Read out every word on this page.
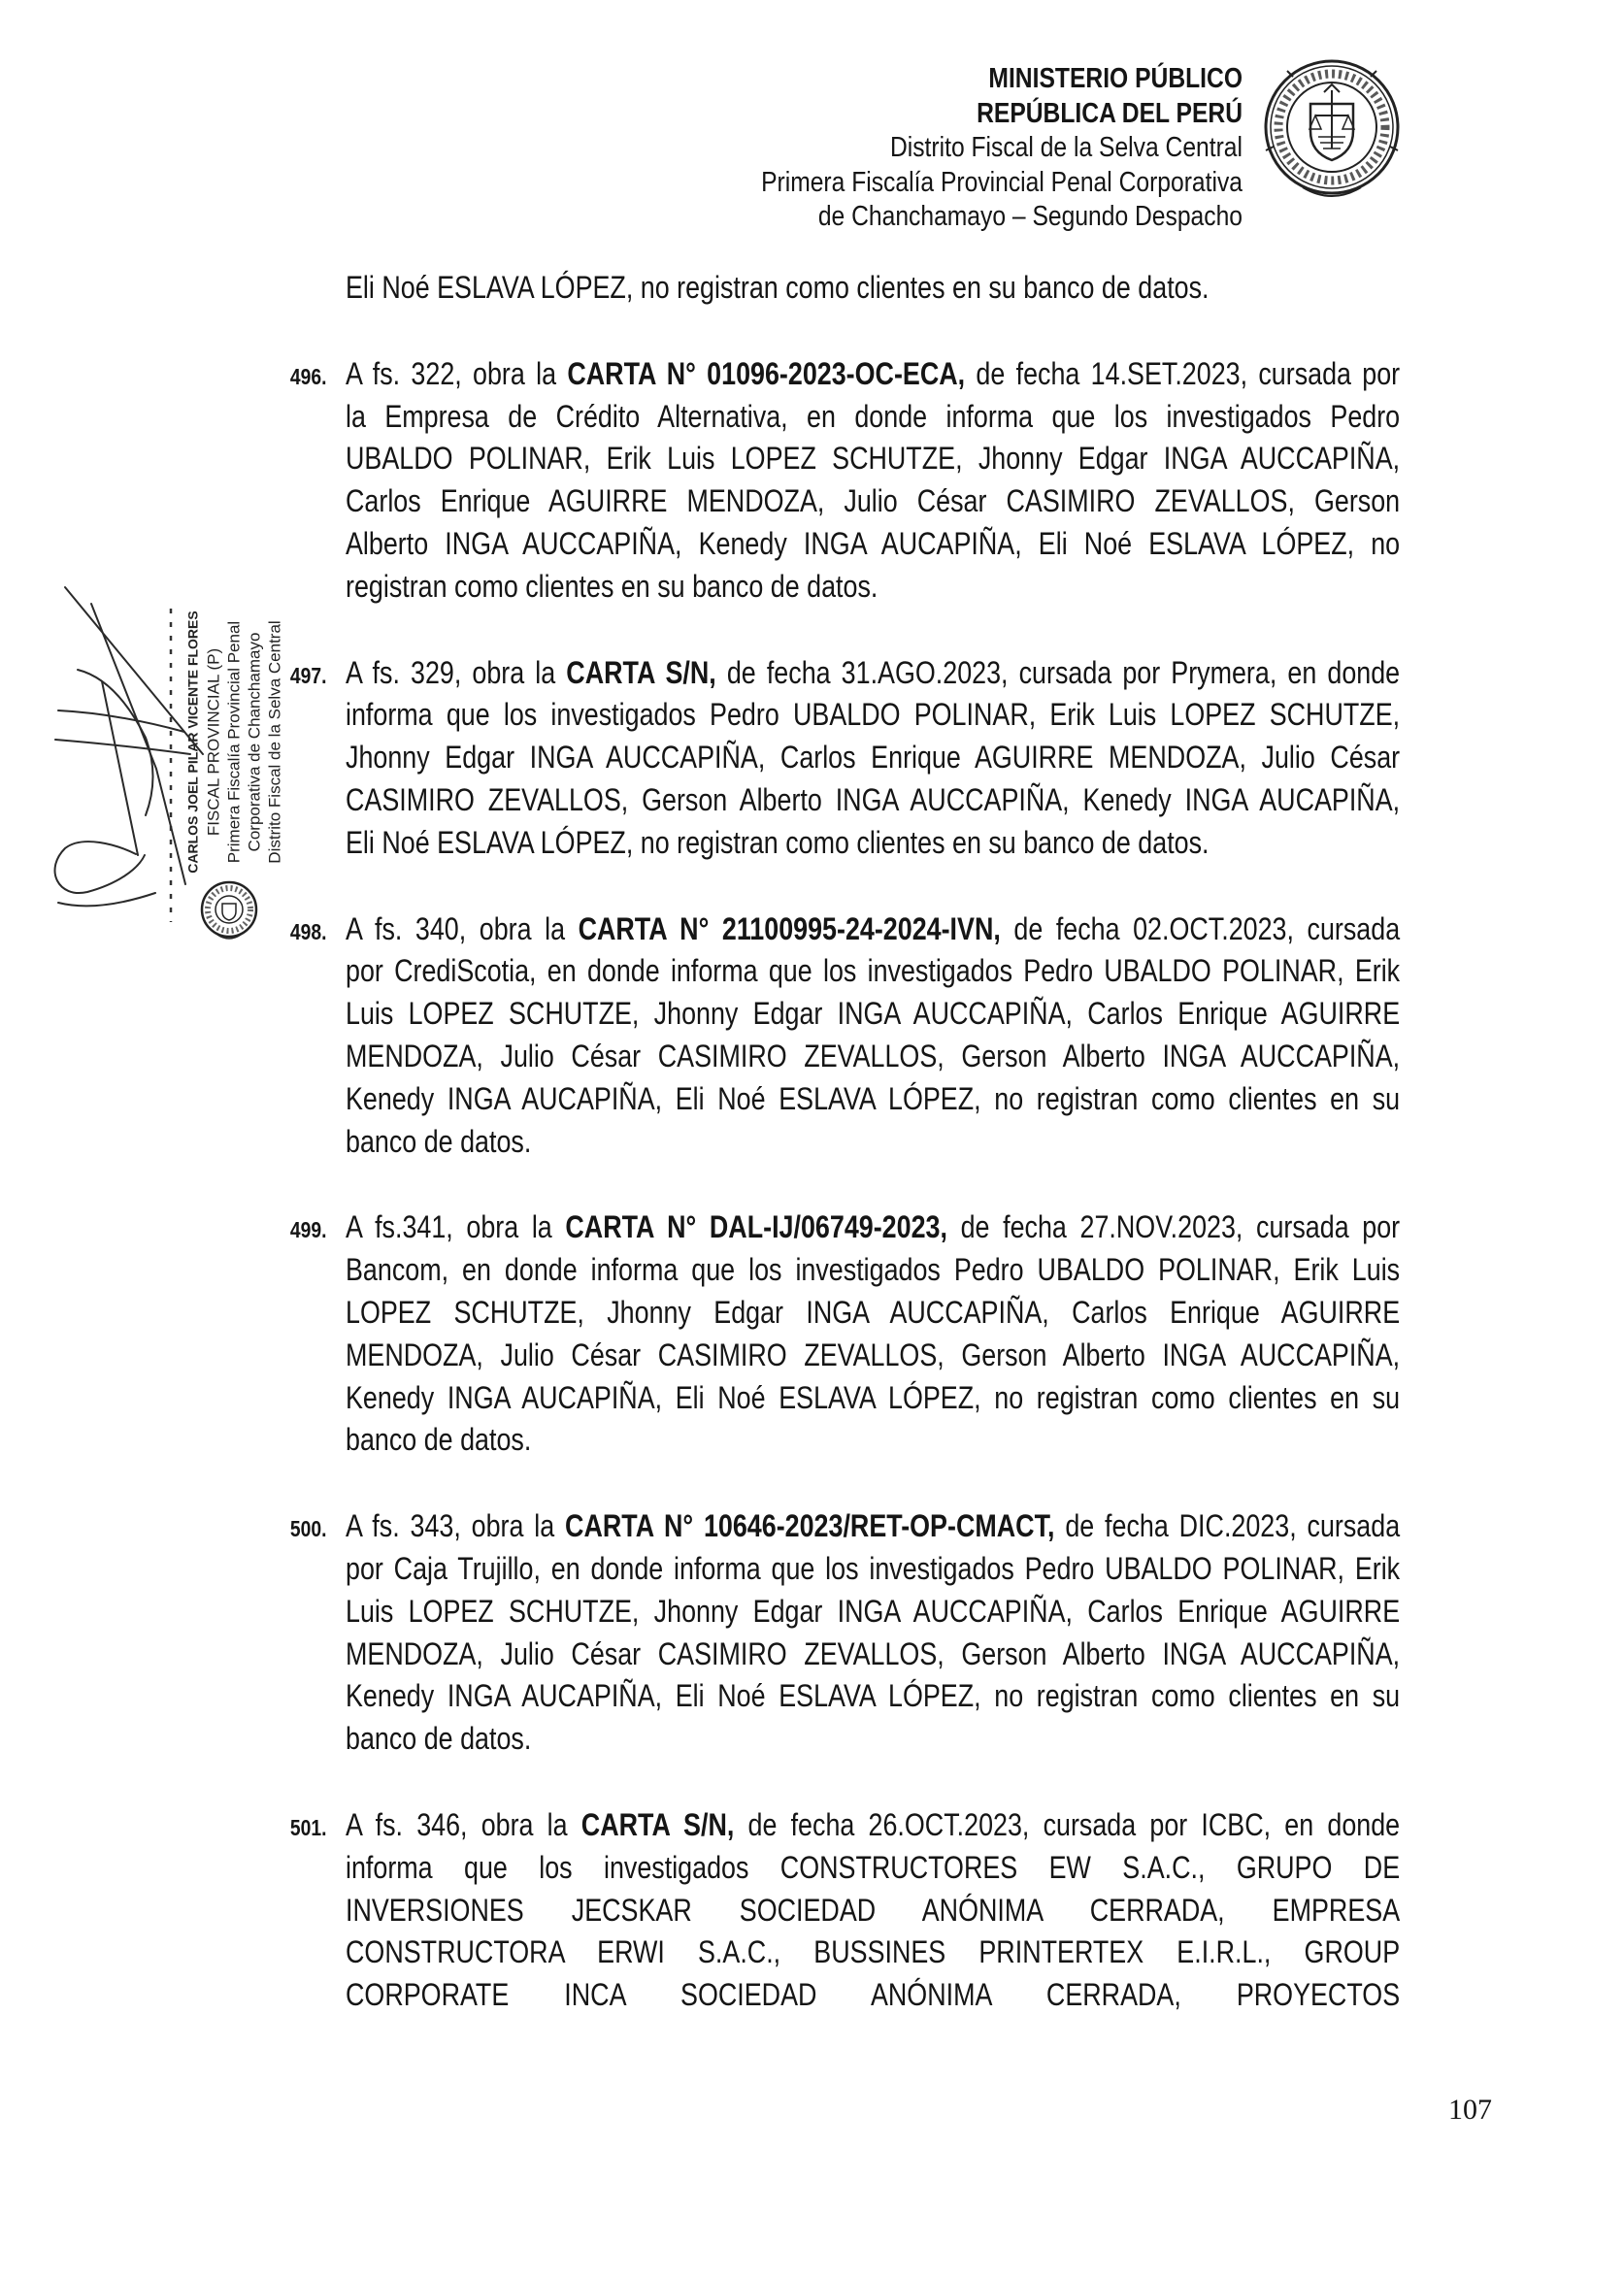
MINISTERIO PÚBLICO
REPÚBLICA DEL PERÚ
Distrito Fiscal de la Selva Central
Primera Fiscalía Provincial Penal Corporativa
de Chanchamayo – Segundo Despacho
Eli Noé ESLAVA LÓPEZ, no registran como clientes en su banco de datos.
496. A fs. 322, obra la CARTA N° 01096-2023-OC-ECA, de fecha 14.SET.2023, cursada por
la Empresa de Crédito Alternativa, en donde informa que los investigados Pedro
UBALDO POLINAR, Erik Luis LOPEZ SCHUTZE, Jhonny Edgar INGA AUCCAPIÑA,
Carlos Enrique AGUIRRE MENDOZA, Julio César CASIMIRO ZEVALLOS, Gerson
Alberto INGA AUCCAPIÑA, Kenedy INGA AUCAPIÑA, Eli Noé ESLAVA LÓPEZ, no
registran como clientes en su banco de datos.
497. A fs. 329, obra la CARTA S/N, de fecha 31.AGO.2023, cursada por Prymera, en donde
informa que los investigados Pedro UBALDO POLINAR, Erik Luis LOPEZ SCHUTZE,
Jhonny Edgar INGA AUCCAPIÑA, Carlos Enrique AGUIRRE MENDOZA, Julio César
CASIMIRO ZEVALLOS, Gerson Alberto INGA AUCCAPIÑA, Kenedy INGA AUCAPIÑA,
Eli Noé ESLAVA LÓPEZ, no registran como clientes en su banco de datos.
498. A fs. 340, obra la CARTA N° 21100995-24-2024-IVN, de fecha 02.OCT.2023, cursada
por CrediScotia, en donde informa que los investigados Pedro UBALDO POLINAR, Erik
Luis LOPEZ SCHUTZE, Jhonny Edgar INGA AUCCAPIÑA, Carlos Enrique AGUIRRE
MENDOZA, Julio César CASIMIRO ZEVALLOS, Gerson Alberto INGA AUCCAPIÑA,
Kenedy INGA AUCAPIÑA, Eli Noé ESLAVA LÓPEZ, no registran como clientes en su
banco de datos.
499. A fs.341, obra la CARTA N° DAL-IJ/06749-2023, de fecha 27.NOV.2023, cursada por
Bancom, en donde informa que los investigados Pedro UBALDO POLINAR, Erik Luis
LOPEZ SCHUTZE, Jhonny Edgar INGA AUCCAPIÑA, Carlos Enrique AGUIRRE
MENDOZA, Julio César CASIMIRO ZEVALLOS, Gerson Alberto INGA AUCCAPIÑA,
Kenedy INGA AUCAPIÑA, Eli Noé ESLAVA LÓPEZ, no registran como clientes en su
banco de datos.
500. A fs. 343, obra la CARTA N° 10646-2023/RET-OP-CMACT, de fecha DIC.2023, cursada
por Caja Trujillo, en donde informa que los investigados Pedro UBALDO POLINAR, Erik
Luis LOPEZ SCHUTZE, Jhonny Edgar INGA AUCCAPIÑA, Carlos Enrique AGUIRRE
MENDOZA, Julio César CASIMIRO ZEVALLOS, Gerson Alberto INGA AUCCAPIÑA,
Kenedy INGA AUCAPIÑA, Eli Noé ESLAVA LÓPEZ, no registran como clientes en su
banco de datos.
501. A fs. 346, obra la CARTA S/N, de fecha 26.OCT.2023, cursada por ICBC, en donde
informa que los investigados CONSTRUCTORES EW S.A.C., GRUPO DE
INVERSIONES JECSKAR SOCIEDAD ANÓNIMA CERRADA, EMPRESA
CONSTRUCTORA ERWI S.A.C., BUSSINES PRINTERTEX E.I.R.L., GROUP
CORPORATE INCA SOCIEDAD ANÓNIMA CERRADA, PROYECTOS
CARLOS JOEL PILAR VICENTE FLORES FISCAL PROVINCIAL (P) Primera Fiscalía Provincial Penal Corporativa de Chanchamayo Distrito Fiscal de la Selva Central
107
